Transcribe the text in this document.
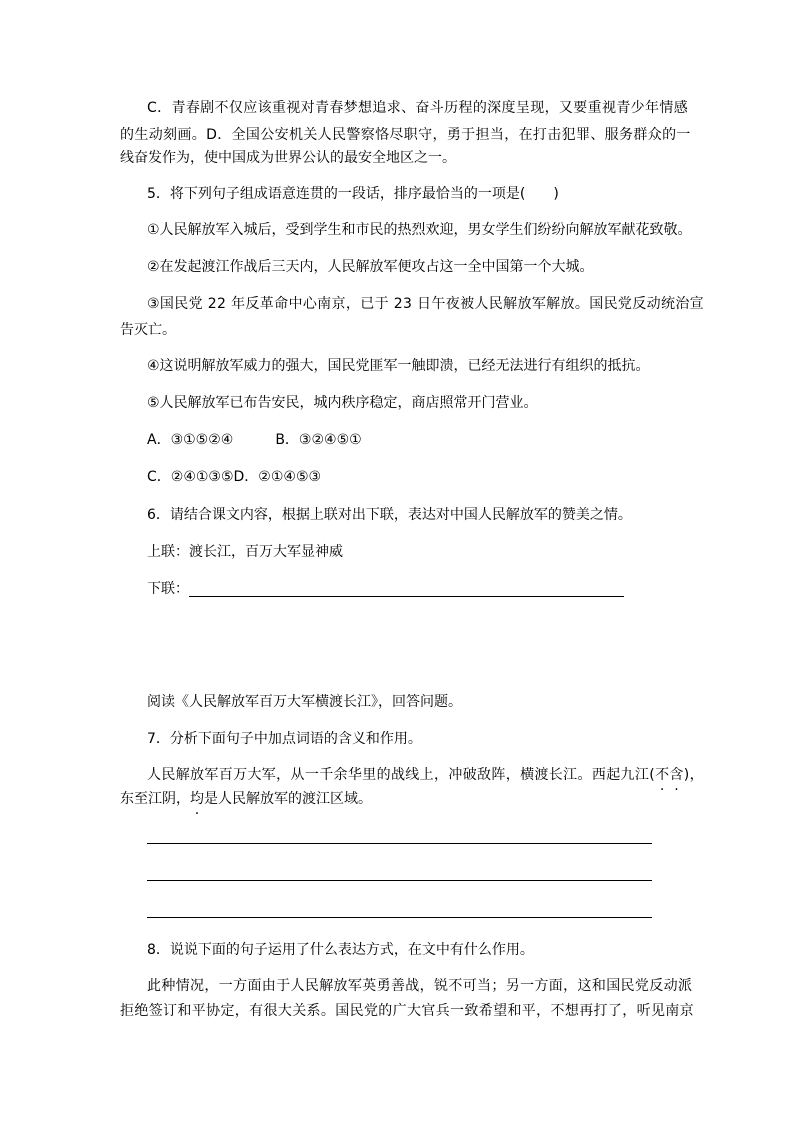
C．青春剧不仅应该重视对青春梦想追求、奋斗历程的深度呈现，又要重视青少年情感
的生动刻画。D．全国公安机关人民警察恪尽职守，勇于担当，在打击犯罪、服务群众的一
线奋发作为，使中国成为世界公认的最安全地区之一。
5．将下列句子组成语意连贯的一段话，排序最恰当的一项是(　　)
①人民解放军入城后，受到学生和市民的热烈欢迎，男女学生们纷纷向解放军献花致敬。
②在发起渡江作战后三天内，人民解放军便攻占这一全中国第一个大城。
③国民党 22 年反革命中心南京，已于 23 日午夜被人民解放军解放。国民党反动统治宣
告灭亡。
④这说明解放军威力的强大，国民党匪军一触即溃，已经无法进行有组织的抵抗。
⑤人民解放军已布告安民，城内秩序稳定，商店照常开门营业。
A．③①⑤②④　　　B．③②④⑤①
C．②④①③⑤D．②①④⑤③
6．请结合课文内容，根据上联对出下联，表达对中国人民解放军的赞美之情。
上联：渡长江，百万大军显神威
下联：
阅读《人民解放军百万大军横渡长江》，回答问题。
7．分析下面句子中加点词语的含义和作用。
人民解放军百万大军，从一千余华里的战线上，冲破敌阵，横渡长江。西起九江(不含)，
东至江阴，均是人民解放军的渡江区域。
8．说说下面的句子运用了什么表达方式，在文中有什么作用。
此种情况，一方面由于人民解放军英勇善战，锐不可当；另一方面，这和国民党反动派
拒绝签订和平协定，有很大关系。国民党的广大官兵一致希望和平，不想再打了，听见南京
